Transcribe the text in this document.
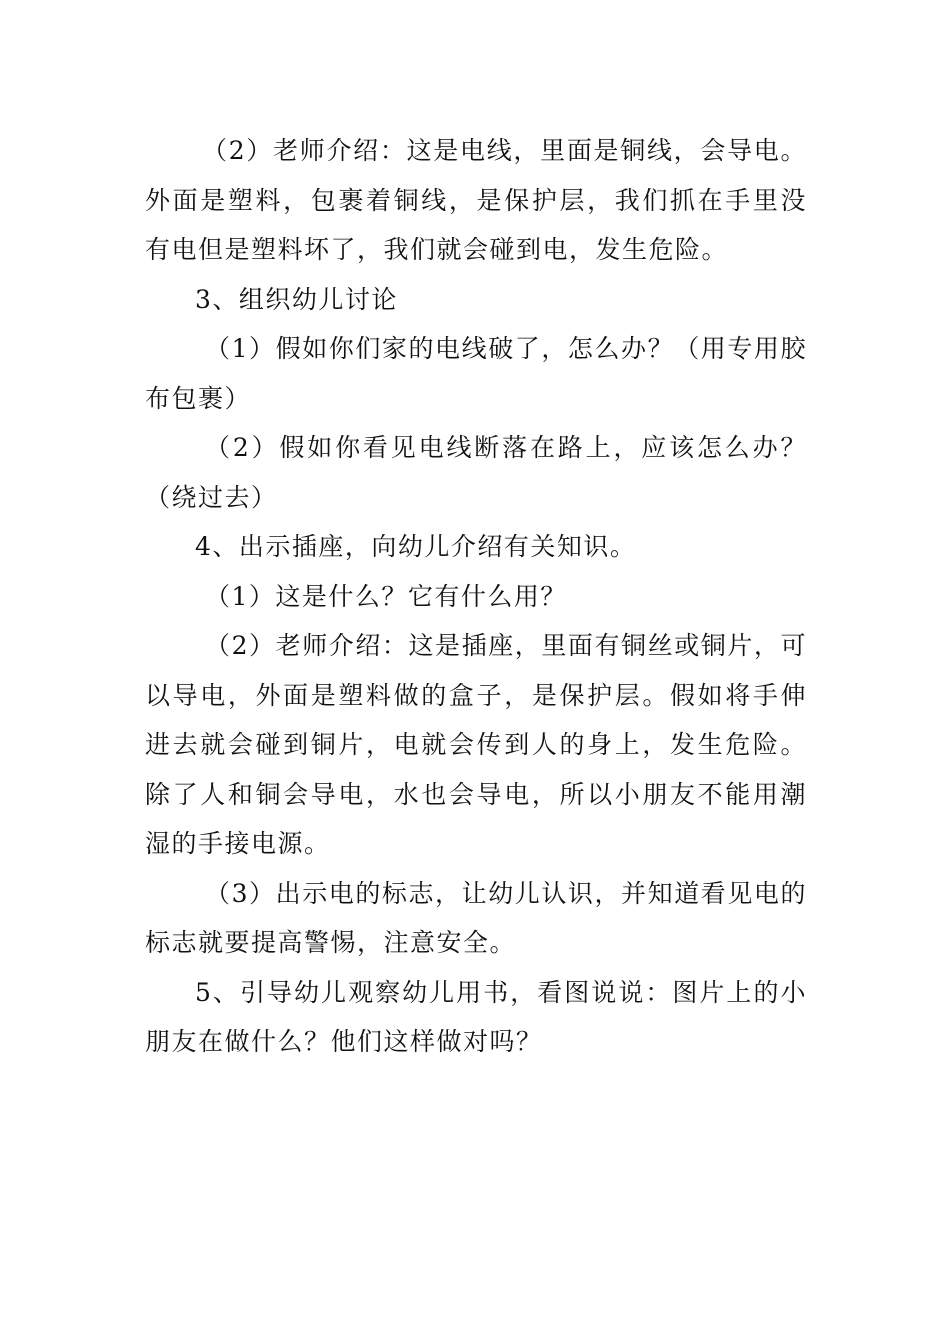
（2）老师介绍：这是电线，里面是铜线，会导电。外面是塑料，包裹着铜线，是保护层，我们抓在手里没有电但是塑料坏了，我们就会碰到电，发生危险。

3、组织幼儿讨论

（1）假如你们家的电线破了，怎么办？（用专用胶布包裹）

（2）假如你看见电线断落在路上，应该怎么办？（绕过去）

4、出示插座，向幼儿介绍有关知识。

（1）这是什么？它有什么用？

（2）老师介绍：这是插座，里面有铜丝或铜片，可以导电，外面是塑料做的盒子，是保护层。假如将手伸进去就会碰到铜片，电就会传到人的身上，发生危险。除了人和铜会导电，水也会导电，所以小朋友不能用潮湿的手接电源。

（3）出示电的标志，让幼儿认识，并知道看见电的标志就要提高警惕，注意安全。

5、引导幼儿观察幼儿用书，看图说说：图片上的小朋友在做什么？他们这样做对吗？
